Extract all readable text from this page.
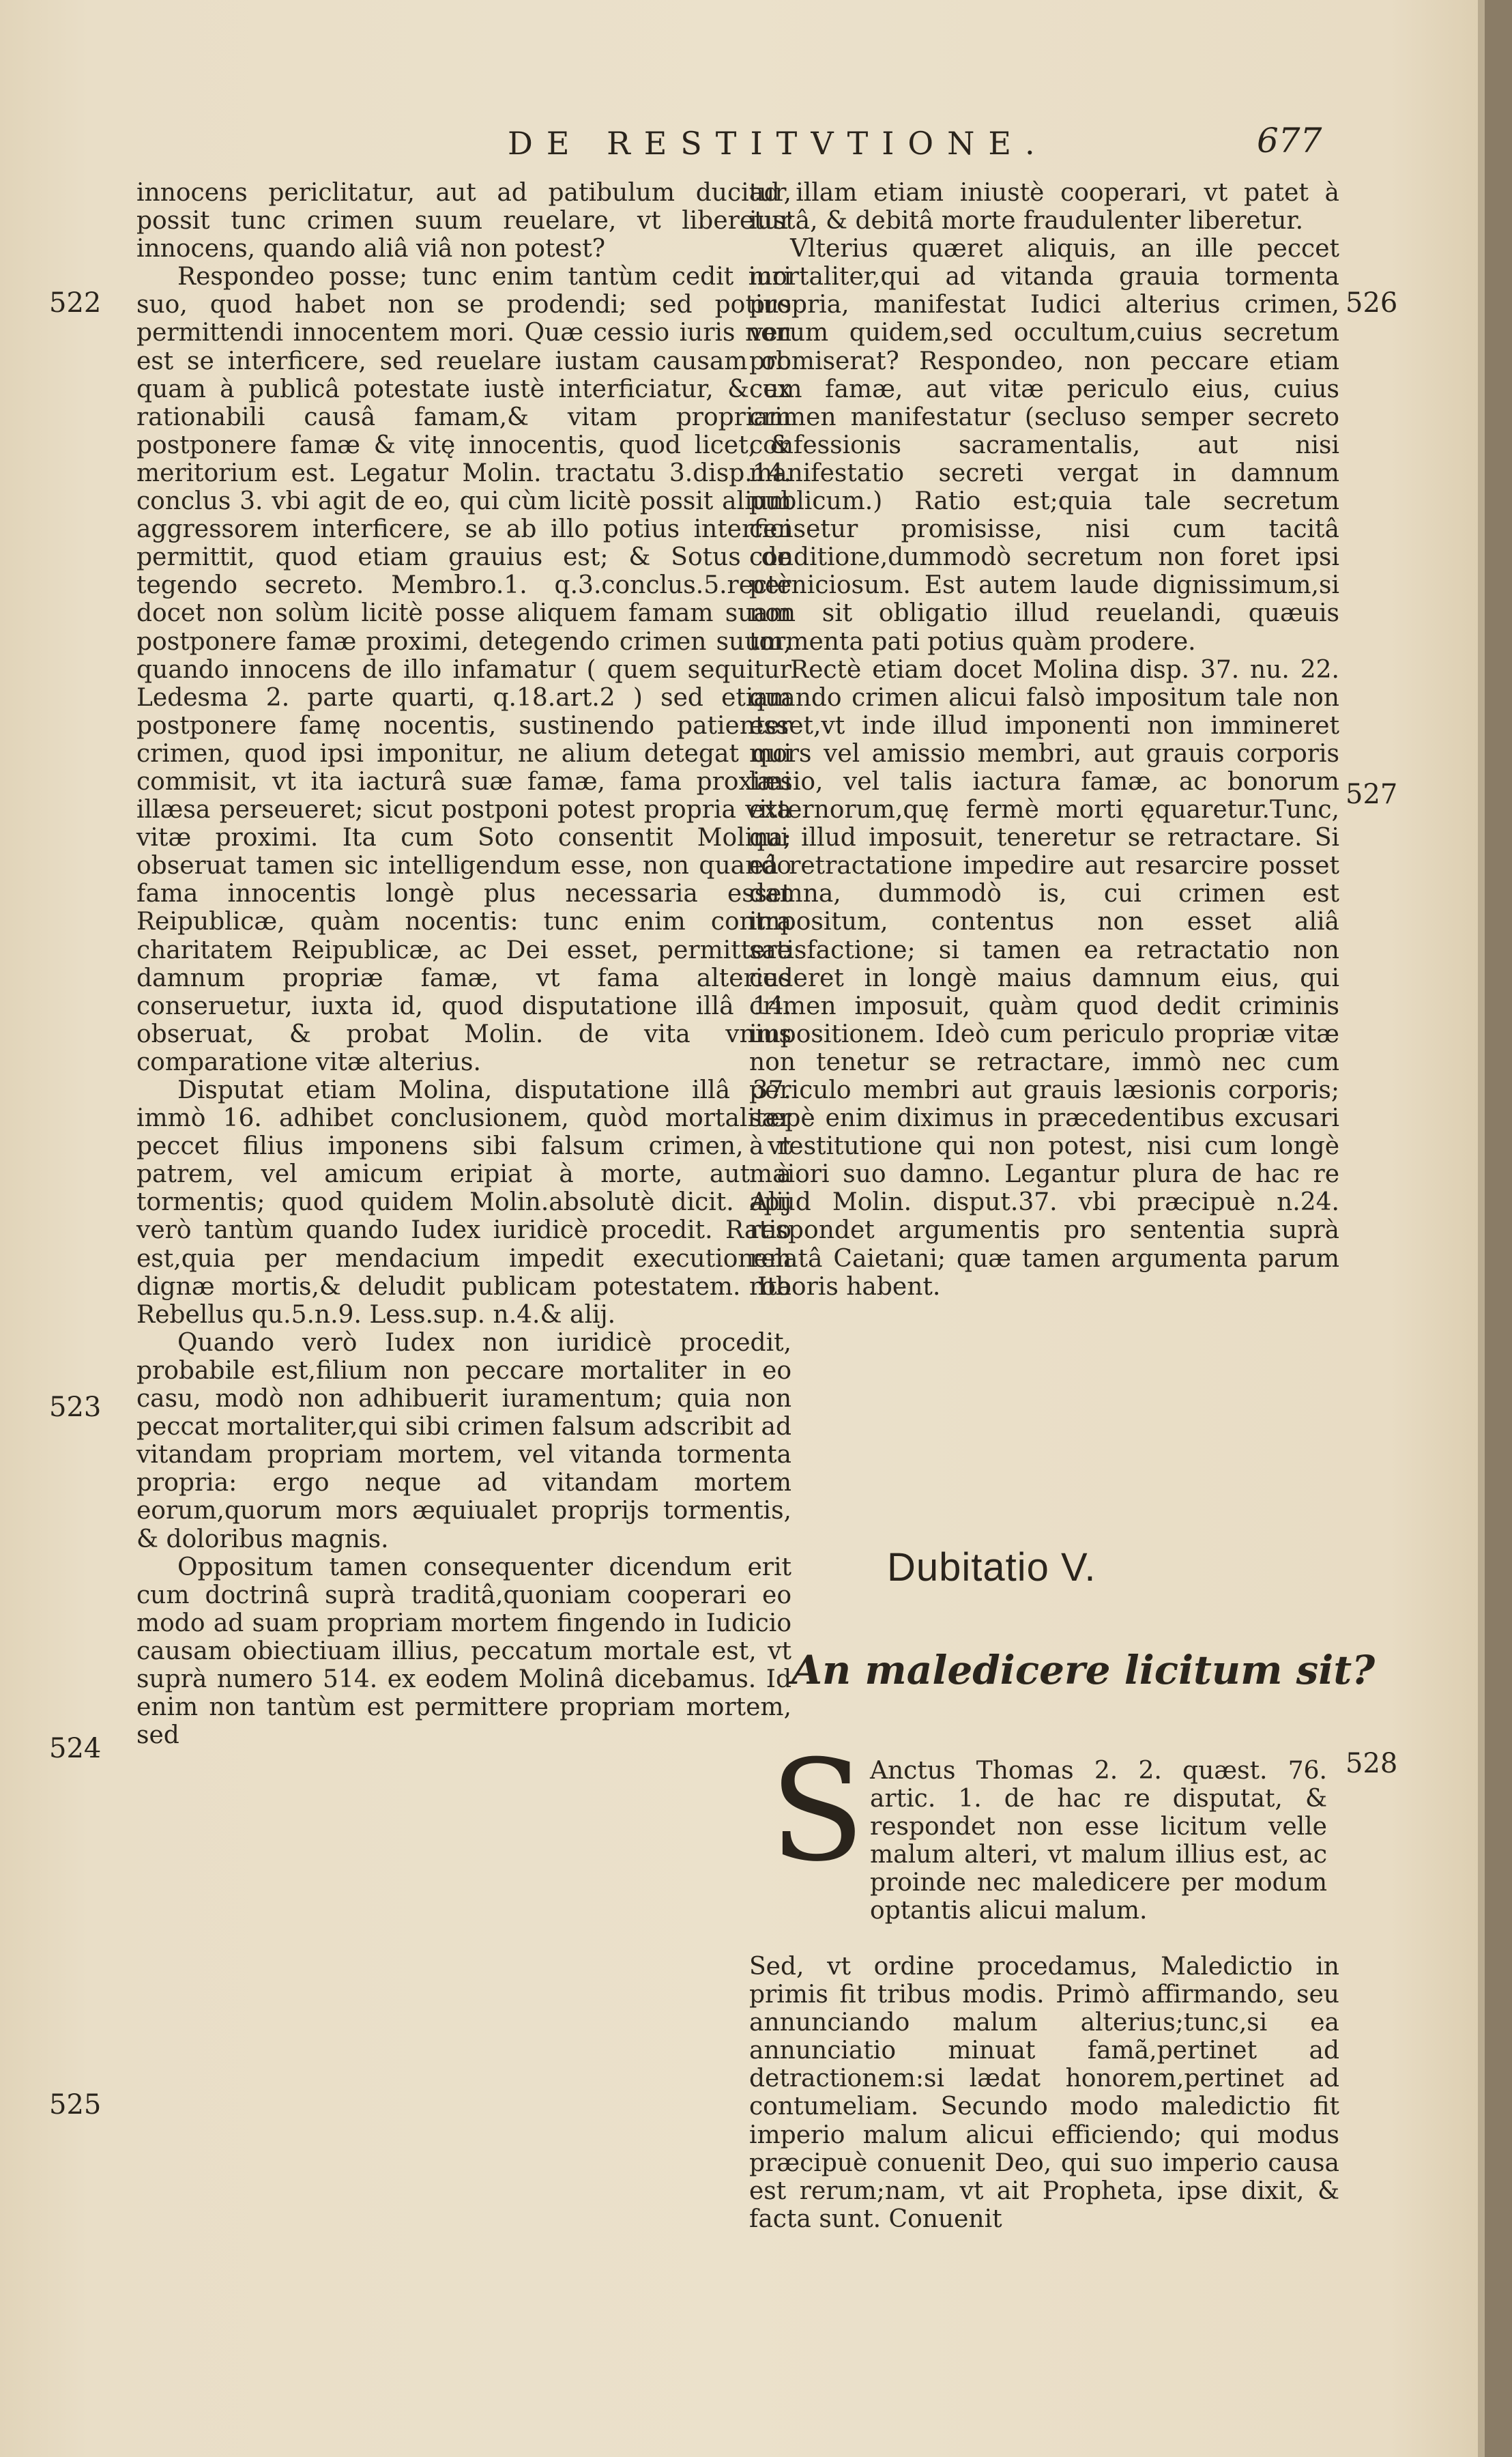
DE RESTITVTIONE.	677

innocens periclitatur, aut ad patibulum ducitur, possit tunc crimen suum reuelare, vt liberetur innocens, quando aliâ viâ non potest?

Respondeo posse; tunc enim tantùm cedit iuri suo, quod habet non se prodendi; sed potius permittendi innocentem mori. Quæ cessio iuris non est se interficere, sed reuelare iustam causam ob quam à publicâ potestate iustè interficiatur, & ex rationabili causâ famam,& vitam propriam postponere famæ & vitę innocentis, quod licet, & meritorium est. Legatur Molin. tractatu 3.disp.14. conclus 3. vbi agit de eo, qui cùm licitè possit alium aggressorem interficere, se ab illo potius interfici permittit, quod etiam grauius est; & Sotus de tegendo secreto. Membro.1. q.3.conclus.5.rectè docet non solùm licitè posse aliquem famam suam postponere famæ proximi, detegendo crimen suum, quando innocens de illo infamatur ( quem sequitur Ledesma 2. parte quarti, q.18.art.2 ) sed etiam postponere famę nocentis, sustinendo patienter crimen, quod ipsi imponitur, ne alium detegat qui commisit, vt ita iacturâ suæ famæ, fama proximi illæsa perseueret; sicut postponi potest propria vita vitæ proximi. Ita cum Soto consentit Molina; obseruat tamen sic intelligendum esse, non quando fama innocentis longè plus necessaria esset Reipublicæ, quàm nocentis: tunc enim contra charitatem Reipublicæ, ac Dei esset, permittere damnum propriæ famæ, vt fama alterius conseruetur, iuxta id, quod disputatione illâ 14. obseruat, & probat Molin. de vita vnius comparatione vitæ alterius.

Disputat etiam Molina, disputatione illâ 37. immò 16. adhibet conclusionem, quòd mortaliter peccet filius imponens sibi falsum crimen, vt patrem, vel amicum eripiat à morte, aut à tormentis; quod quidem Molin.absolutè dicit. Alij verò tantùm quando Iudex iuridicè procedit. Ratio est,quia per mendacium impedit executionem dignæ mortis,& deludit publicam potestatem. Ita Rebellus qu.5.n.9. Less.sup. n.4.& alij.

Quando verò Iudex non iuridicè procedit, probabile est,filium non peccare mortaliter in eo casu, modò non adhibuerit iuramentum; quia non peccat mortaliter,qui sibi crimen falsum adscribit ad vitandam propriam mortem, vel vitanda tormenta propria: ergo neque ad vitandam mortem eorum,quorum mors æquiualet proprijs tormentis, & doloribus magnis.

Oppositum tamen consequenter dicendum erit cum doctrinâ suprà traditâ,quoniam cooperari eo modo ad suam propriam mortem fingendo in Iudicio causam obiectiuam illius, peccatum mortale est, vt suprà numero 514. ex eodem Molinâ dicebamus. Id enim non tantùm est permittere propriam mortem, sed

ad illam etiam iniustè cooperari, vt patet à iustâ, & debitâ morte fraudulenter liberetur.

Vlterius quæret aliquis, an ille peccet mortaliter,qui ad vitanda grauia tormenta propria, manifestat Iudici alterius crimen, verum quidem,sed occultum,cuius secretum promiserat? Respondeo, non peccare etiam cum famæ, aut vitæ periculo eius, cuius crimen manifestatur (secluso semper secreto confessionis sacramentalis, aut nisi manifestatio secreti vergat in damnum publicum.) Ratio est;quia tale secretum censetur promisisse, nisi cum tacitâ conditione,dummodò secretum non foret ipsi perniciosum. Est autem laude dignissimum,si non sit obligatio illud reuelandi, quæuis tormenta pati potius quàm prodere.

Rectè etiam docet Molina disp. 37. nu. 22. quando crimen alicui falsò impositum tale non esset,vt inde illud imponenti non immineret mors vel amissio membri, aut grauis corporis læsio, vel talis iactura famæ, ac bonorum externorum,quę fermè morti ęquaretur.Tunc, qui illud imposuit, teneretur se retractare. Si eâ retractatione impedire aut resarcire posset damna, dummodò is, cui crimen est impositum, contentus non esset aliâ satisfactione; si tamen ea retractatio non cederet in longè maius damnum eius, qui crimen imposuit, quàm quod dedit criminis impositionem. Ideò cum periculo propriæ vitæ non tenetur se retractare, immò nec cum periculo membri aut grauis læsionis corporis; sæpè enim diximus in præcedentibus excusari à restitutione qui non potest, nisi cum longè maiori suo damno. Legantur plura de hac re apud Molin. disput.37. vbi præcipuè n.24. respondet argumentis pro sententia suprà relatâ Caietani; quæ tamen argumenta parum roboris habent.

522
523
524
525
526
527
528
Dubitatio V.
An maledicere licitum sit?
S Anctus Thomas 2. 2. quæst. 76. artic. 1. de hac re disputat, & respondet non esse licitum velle malum alteri, vt malum illius est, ac proinde nec maledicere per modum optantis alicui malum.

Sed, vt ordine procedamus, Maledictio in primis fit tribus modis. Primò affirmando, seu annunciando malum alterius;tunc,si ea annunciatio minuat famã,pertinet ad detractionem:si lædat honorem,pertinet ad contumeliam. Secundo modo maledictio fit imperio malum alicui efficiendo; qui modus præcipuè conuenit Deo, qui suo imperio causa est rerum;nam, vt ait Propheta, ipse dixit, & facta sunt. Conuenit
